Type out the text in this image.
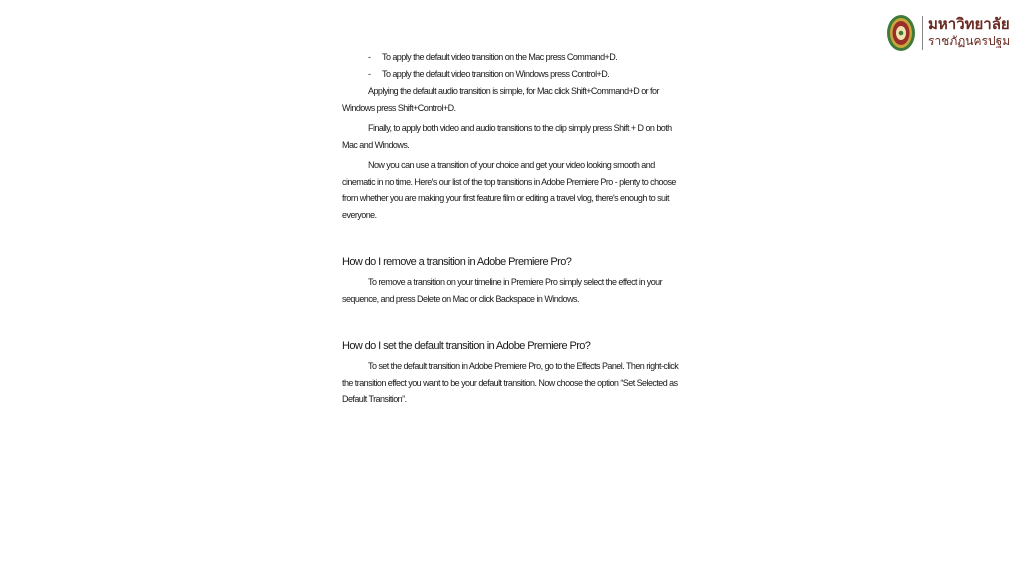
มหาวิทยาลัย
ราชภัฏนครปฐม
-	To apply the default video transition on the Mac press Command+D.
-	To apply the default video transition on Windows press Control+D.

Applying the default audio transition is simple, for Mac click Shift+Command+D or for Windows press Shift+Control+D.

Finally, to apply both video and audio transitions to the clip simply press Shift + D on both Mac and Windows.

Now you can use a transition of your choice and get your video looking smooth and cinematic in no time. Here's our list of the top transitions in Adobe Premiere Pro - plenty to choose from whether you are making your first feature film or editing a travel vlog, there's enough to suit everyone.

How do I remove a transition in Adobe Premiere Pro?

To remove a transition on your timeline in Premiere Pro simply select the effect in your sequence, and press Delete on Mac or click Backspace in Windows.

How do I set the default transition in Adobe Premiere Pro?

To set the default transition in Adobe Premiere Pro, go to the Effects Panel. Then right-click the transition effect you want to be your default transition. Now choose the option “Set Selected as Default Transition”.
